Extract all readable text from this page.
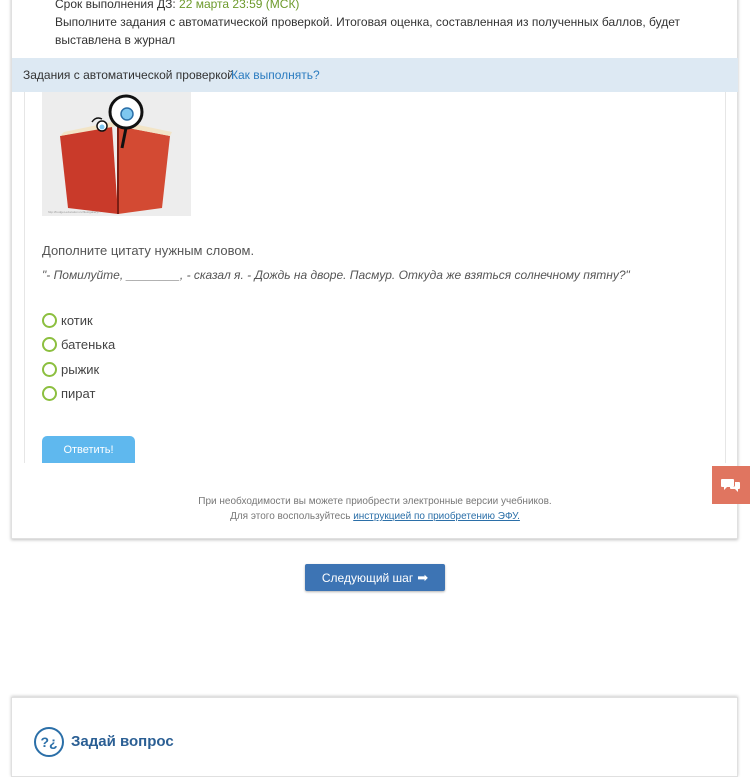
Срок выполнения ДЗ: 22 марта 23:59 (МСК)
Выполните задания с автоматической проверкой. Итоговая оценка, составленная из полученных баллов, будет выставлена в журнал
Задания с автоматической проверкой
Как выполнять?
http://budget-education.ru/files/gallery/...
Дополните цитату нужным словом.
"- Помилуйте, ________, - сказал я. - Дождь на дворе. Пасмур. Откуда же взяться солнечному пятну?"
котик
батенька
рыжик
пират
Ответить!
При необходимости вы можете приобрести электронные версии учебников.
Для этого воспользуйтесь инструкцией по приобретению ЭФУ.
Следующий шаг ➡
?¿ Задай вопрос
